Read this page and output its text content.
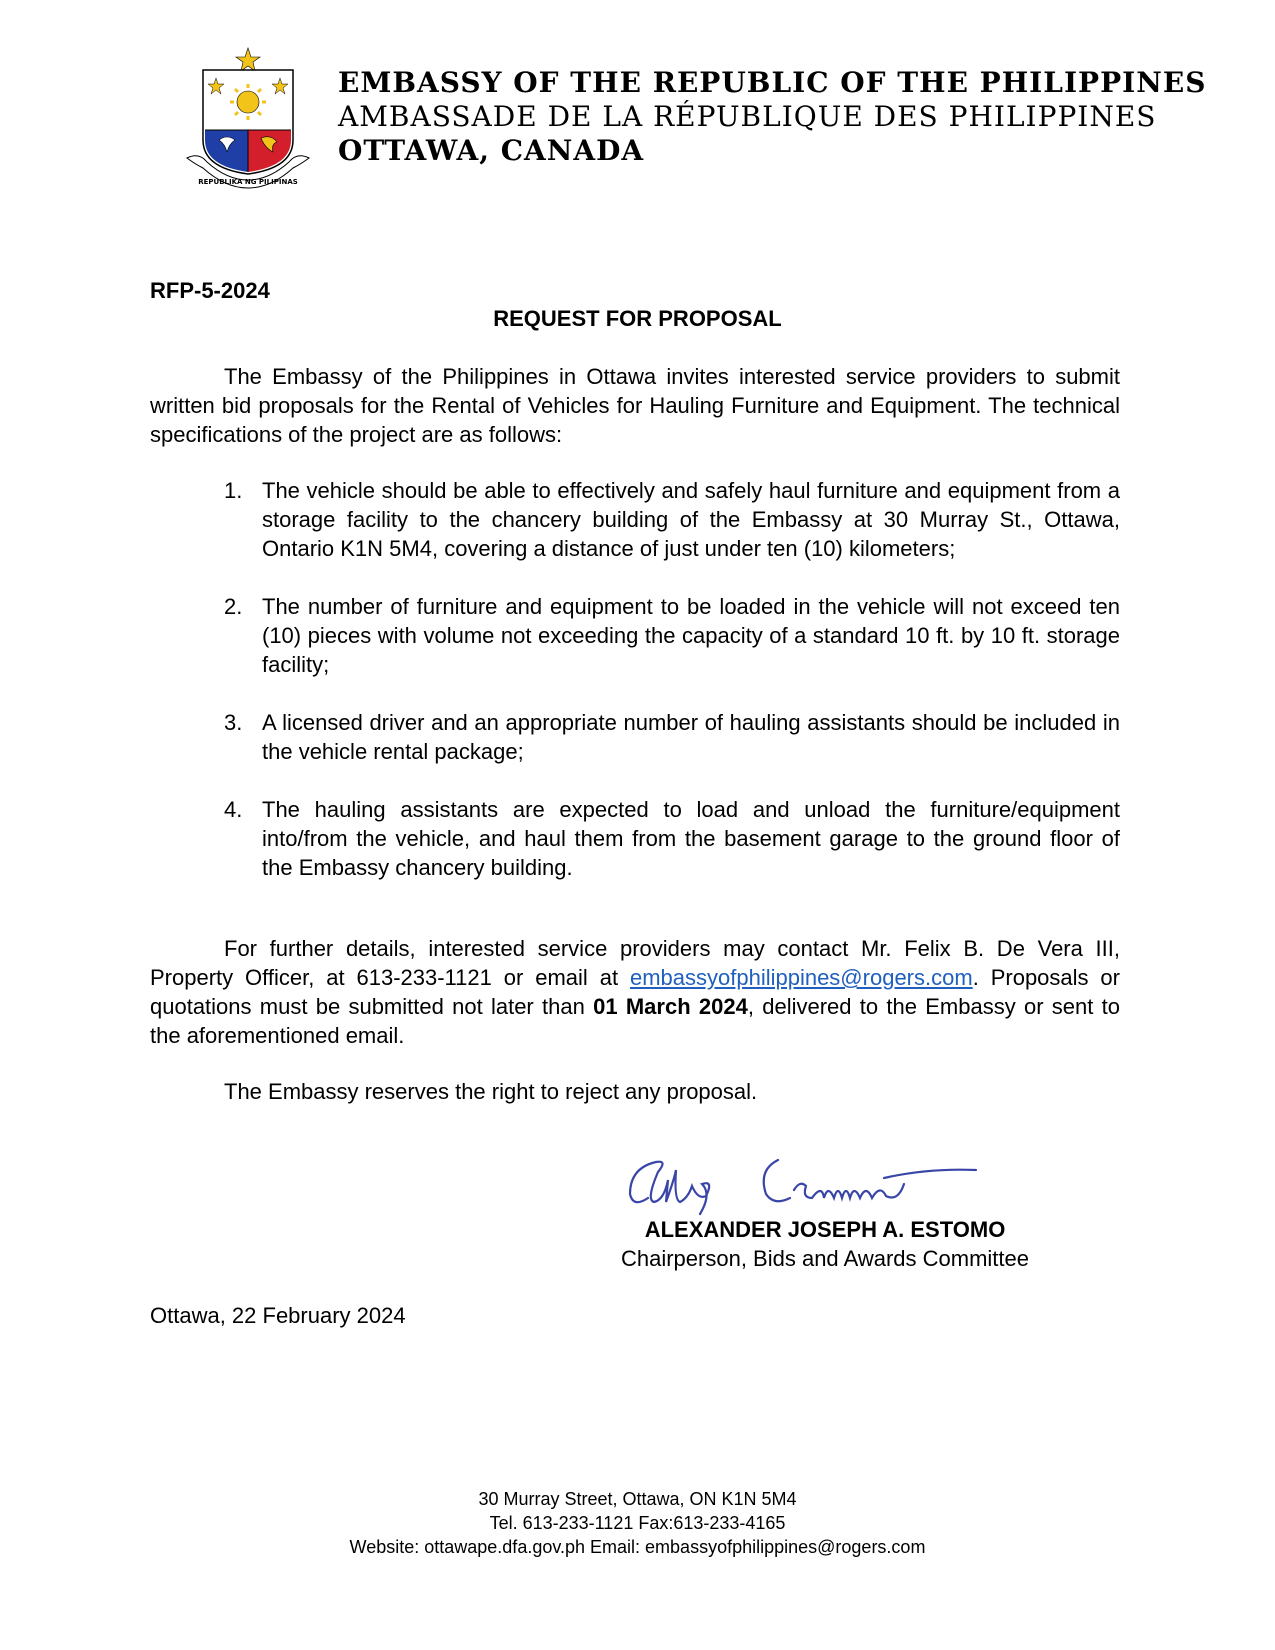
REPUBLIKA NG PILIPINAS
EMBASSY OF THE REPUBLIC OF THE PHILIPPINES
AMBASSADE DE LA RÉPUBLIQUE DES PHILIPPINES
OTTAWA, CANADA
RFP-5-2024
REQUEST FOR PROPOSAL
The Embassy of the Philippines in Ottawa invites interested service providers to submit written bid proposals for the Rental of Vehicles for Hauling Furniture and Equipment. The technical specifications of the project are as follows:
1. The vehicle should be able to effectively and safely haul furniture and equipment from a storage facility to the chancery building of the Embassy at 30 Murray St., Ottawa, Ontario K1N 5M4, covering a distance of just under ten (10) kilometers;
2. The number of furniture and equipment to be loaded in the vehicle will not exceed ten (10) pieces with volume not exceeding the capacity of a standard 10 ft. by 10 ft. storage facility;
3. A licensed driver and an appropriate number of hauling assistants should be included in the vehicle rental package;
4. The hauling assistants are expected to load and unload the furniture/equipment into/from the vehicle, and haul them from the basement garage to the ground floor of the Embassy chancery building.
For further details, interested service providers may contact Mr. Felix B. De Vera III, Property Officer, at 613-233-1121 or email at embassyofphilippines@rogers.com. Proposals or quotations must be submitted not later than 01 March 2024, delivered to the Embassy or sent to the aforementioned email.
The Embassy reserves the right to reject any proposal.
ALEXANDER JOSEPH A. ESTOMO
Chairperson, Bids and Awards Committee
Ottawa, 22 February 2024
30 Murray Street, Ottawa, ON K1N 5M4
Tel. 613-233-1121 Fax:613-233-4165
Website: ottawape.dfa.gov.ph Email: embassyofphilippines@rogers.com
